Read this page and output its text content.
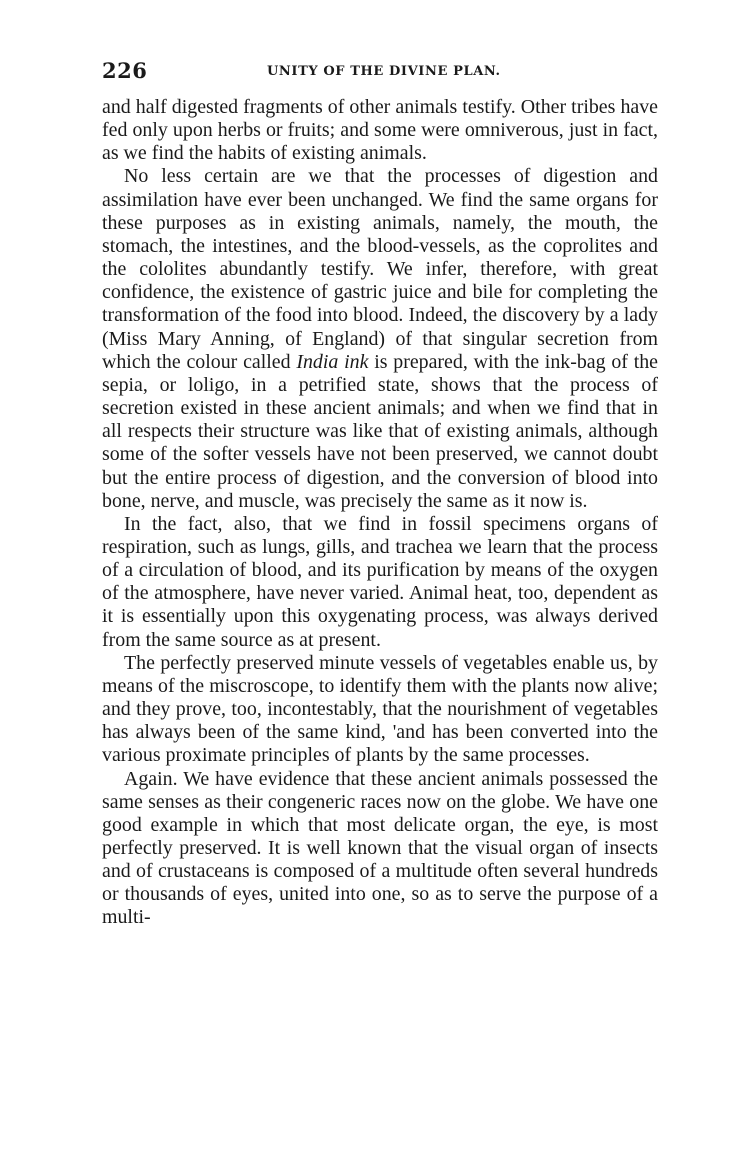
226	UNITY OF THE DIVINE PLAN.

and half digested fragments of other animals testify. Other tribes have fed only upon herbs or fruits; and some were omniverous, just in fact, as we find the habits of existing animals.

No less certain are we that the processes of digestion and assimilation have ever been unchanged. We find the same organs for these purposes as in existing animals, namely, the mouth, the stomach, the intestines, and the blood-vessels, as the coprolites and the cololites abundantly testify. We infer, therefore, with great confidence, the existence of gastric juice and bile for completing the transformation of the food into blood. Indeed, the discovery by a lady (Miss Mary Anning, of England) of that singular secretion from which the colour called India ink is prepared, with the ink-bag of the sepia, or loligo, in a petrified state, shows that the process of secretion existed in these ancient animals; and when we find that in all respects their structure was like that of existing animals, although some of the softer vessels have not been preserved, we cannot doubt but the entire process of digestion, and the conversion of blood into bone, nerve, and muscle, was precisely the same as it now is.

In the fact, also, that we find in fossil specimens organs of respiration, such as lungs, gills, and trachea we learn that the process of a circulation of blood, and its purification by means of the oxygen of the atmosphere, have never varied. Animal heat, too, dependent as it is essentially upon this oxygenating process, was always derived from the same source as at present.

The perfectly preserved minute vessels of vegetables enable us, by means of the miscroscope, to identify them with the plants now alive; and they prove, too, incontestably, that the nourishment of vegetables has always been of the same kind, 'and has been converted into the various proximate principles of plants by the same processes.

Again. We have evidence that these ancient animals possessed the same senses as their congeneric races now on the globe. We have one good example in which that most delicate organ, the eye, is most perfectly preserved. It is well known that the visual organ of insects and of crustaceans is composed of a multitude often several hundreds or thousands of eyes, united into one, so as to serve the purpose of a multi-
